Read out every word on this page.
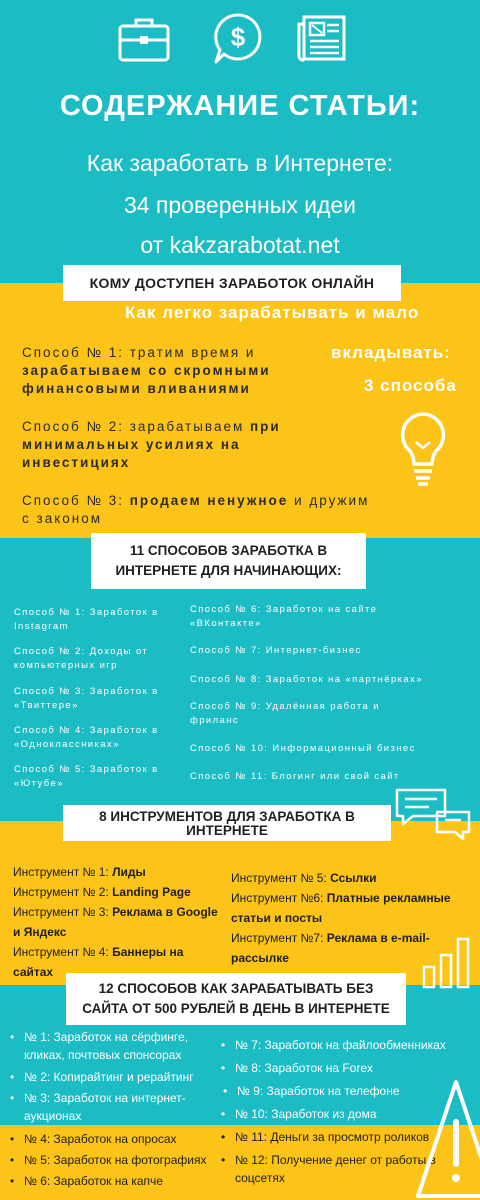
$
СОДЕРЖАНИЕ СТАТЬИ:
Как заработать в Интернете:
34 проверенных идеи
от kakzarabotat.net
КОМУ ДОСТУПЕН ЗАРАБОТОК ОНЛАЙН
Как легко зарабатывать и мало
вкладывать:
3 способа
Способ № 1: тратим время и зарабатываем со скромными финансовыми вливаниями
Способ № 2: зарабатываем при минимальных усилиях на инвестициях
Способ № 3: продаем ненужное и дружим с законом
11 СПОСОБОВ ЗАРАБОТКА В
ИНТЕРНЕТЕ ДЛЯ НАЧИНАЮЩИХ:
Способ № 1: Заработок в Instagram
Способ № 2: Доходы от компьютерных игр
Способ № 3: Заработок в «Твиттере»
Способ № 4: Заработок в «Одноклассниках»
Способ № 5: Заработок в «Ютубе»
Способ № 6: Заработок на сайте «ВКонтакте»
Способ № 7: Интернет-бизнес
Способ № 8: Заработок на «партнёрках»
Способ № 9: Удалённая работа и фриланс
Способ № 10: Информационный бизнес
Способ № 11: Блогинг или свой сайт
8 ИНСТРУМЕНТОВ ДЛЯ ЗАРАБОТКА В
ИНТЕРНЕТЕ
Инструмент № 1: Лиды
Инструмент № 2: Landing Page
Инструмент № 3: Реклама в Google и Яндекс
Инструмент № 4: Баннеры на сайтах
Инструмент № 5: Ссылки
Инструмент №6: Платные рекламные статьи и посты
Инструмент №7: Реклама в e-mail-рассылке
12 СПОСОБОВ КАК ЗАРАБАТЫВАТЬ БЕЗ
САЙТА ОТ 500 РУБЛЕЙ В ДЕНЬ В ИНТЕРНЕТЕ
• № 1: Заработок на сёрфинге, кликах, почтовых спонсорах
• № 2: Копирайтинг и рерайтинг
• № 3: Заработок на интернет-аукционах
• № 4: Заработок на опросах
• № 5: Заработок на фотографиях
• № 6: Заработок на капче
• № 7: Заработок на файлообменниках
• № 8: Заработок на Forex
• № 9: Заработок на телефоне
• № 10: Заработок из дома
• № 11: Деньги за просмотр роликов
• № 12: Получение денег от работы в соцсетях
